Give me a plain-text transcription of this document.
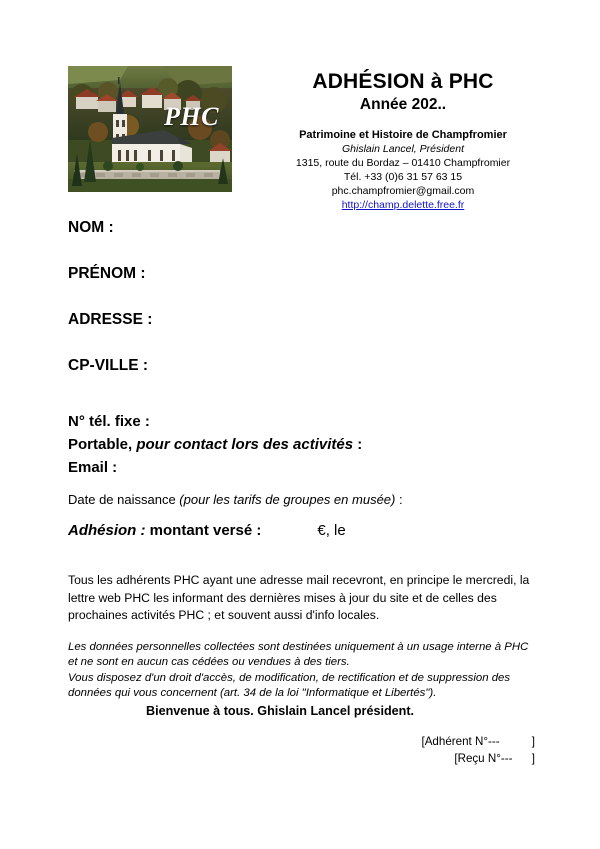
PHC
ADHÉSION à PHC
Année 202..
Patrimoine et Histoire de Champfromier
Ghislain Lancel, Président
1315, route du Bordaz – 01410 Champfromier
Tél. +33 (0)6 31 57 63 15
phc.champfromier@gmail.com
http://champ.delette.free.fr
NOM :
PRÉNOM :
ADRESSE :
CP-VILLE :
N° tél. fixe :
Portable, pour contact lors des activités :
Email :
Date de naissance (pour les tarifs de groupes en musée) :
Adhésion : montant versé :	€, le
Tous les adhérents PHC ayant une adresse mail recevront, en principe le mercredi, la lettre web PHC les informant des dernières mises à jour du site et de celles des prochaines activités PHC ; et souvent aussi d'info locales.
Les données personnelles collectées sont destinées uniquement à un usage interne à PHC et ne sont en aucun cas cédées ou vendues à des tiers.
Vous disposez d'un droit d'accès, de modification, de rectification et de suppression des données qui vous concernent (art. 34 de la loi "Informatique et Libertés").
Bienvenue à tous. Ghislain Lancel président.
[Adhérent N°---          ]
[Reçu N°---      ]
